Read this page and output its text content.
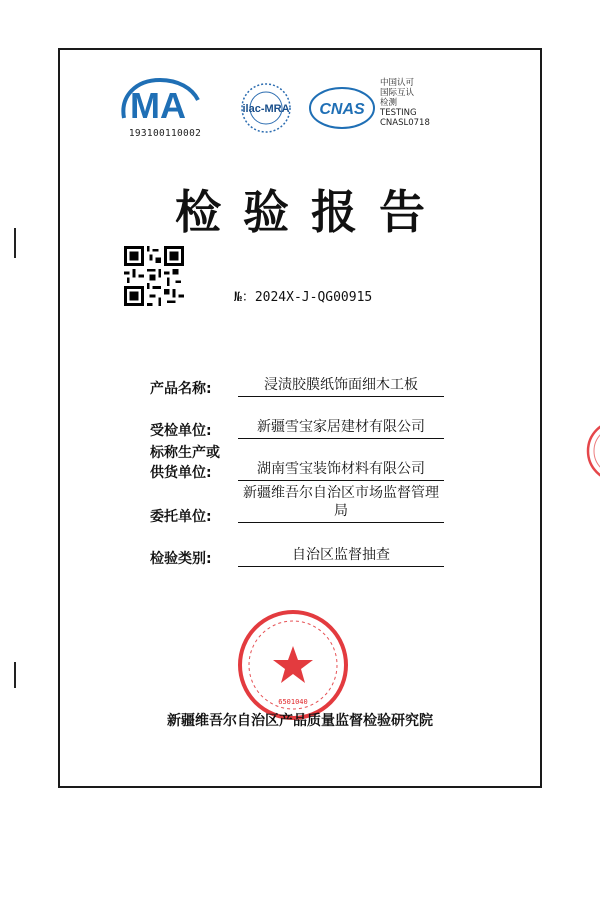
MA
193100110002
ilac-MRA CNAS
中国认可
国际互认
检测
TESTING
CNASL0718
检验报告
№：2024X-J-QG00915
产品名称:	浸渍胶膜纸饰面细木工板
受检单位:	新疆雪宝家居建材有限公司
标称生产或
供货单位:	湖南雪宝装饰材料有限公司
委托单位:
新疆维吾尔自治区市场监督管理局
检验类别:	自治区监督抽查
6501040
新疆维吾尔自治区产品质量监督检验研究院
